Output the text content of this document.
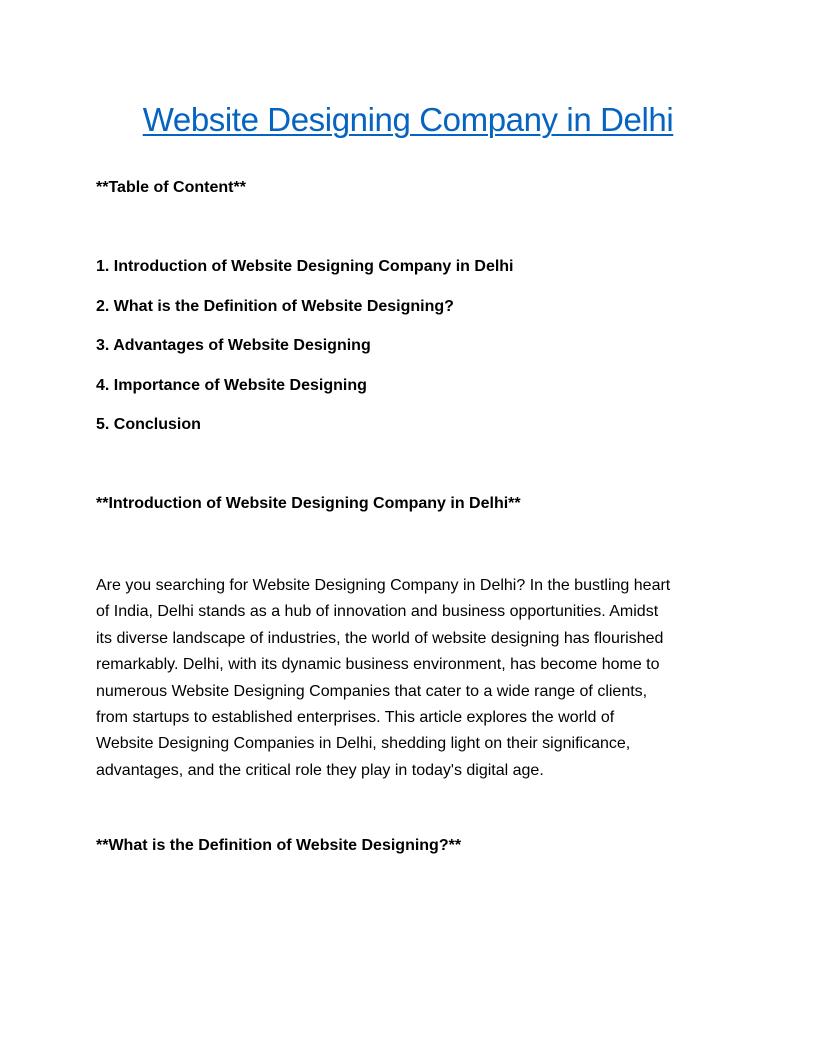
Website Designing Company in Delhi
**Table of Content**
1. Introduction of Website Designing Company in Delhi
2. What is the Definition of Website Designing?
3. Advantages of Website Designing
4. Importance of Website Designing
5. Conclusion
**Introduction of Website Designing Company in Delhi**

Are you searching for Website Designing Company in Delhi? In the bustling heart
of India, Delhi stands as a hub of innovation and business opportunities. Amidst
its diverse landscape of industries, the world of website designing has flourished
remarkably. Delhi, with its dynamic business environment, has become home to
numerous Website Designing Companies that cater to a wide range of clients,
from startups to established enterprises. This article explores the world of
Website Designing Companies in Delhi, shedding light on their significance,
advantages, and the critical role they play in today's digital age.

**What is the Definition of Website Designing?**
